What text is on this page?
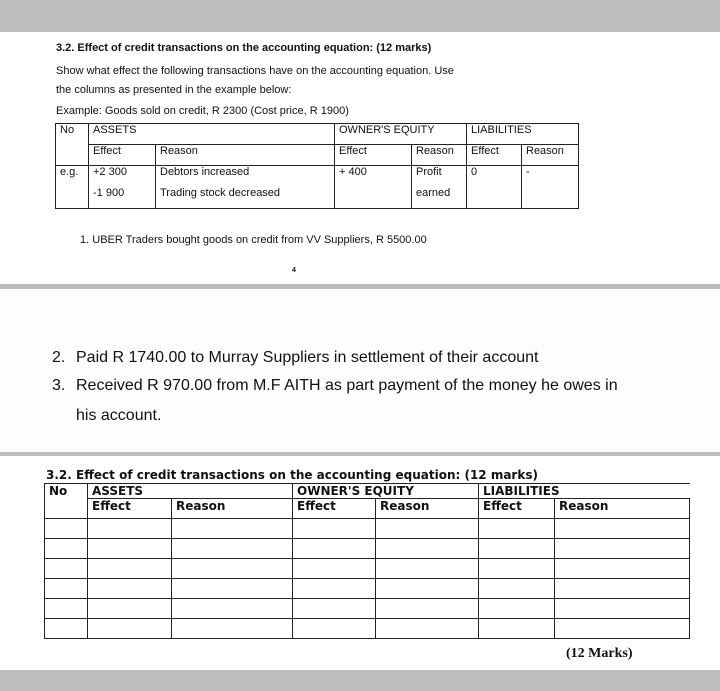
3.2. Effect of credit transactions on the accounting equation: (12 marks)
Show what effect the following transactions have on the accounting equation. Use
the columns as presented in the example below:
Example: Goods sold on credit, R 2300 (Cost price, R 1900)
No	ASSETS		OWNER'S EQUITY		LIABILITIES	
	Effect	Reason	Effect	Reason	Effect	Reason
e.g.	+2 300	Debtors increased	+ 400	Profit	0	-
	-1 900	Trading stock decreased		earned		
1. UBER Traders bought goods on credit from VV Suppliers, R 5500.00
4
2. Paid R 1740.00 to Murray Suppliers in settlement of their account
3. Received R 970.00 from M.F AITH as part payment of the money he owes in
his account.
3.2. Effect of credit transactions on the accounting equation: (12 marks)
No	ASSETS		OWNER'S EQUITY		LIABILITIES	
	Effect	Reason	Effect	Reason	Effect	Reason

(12 Marks)
